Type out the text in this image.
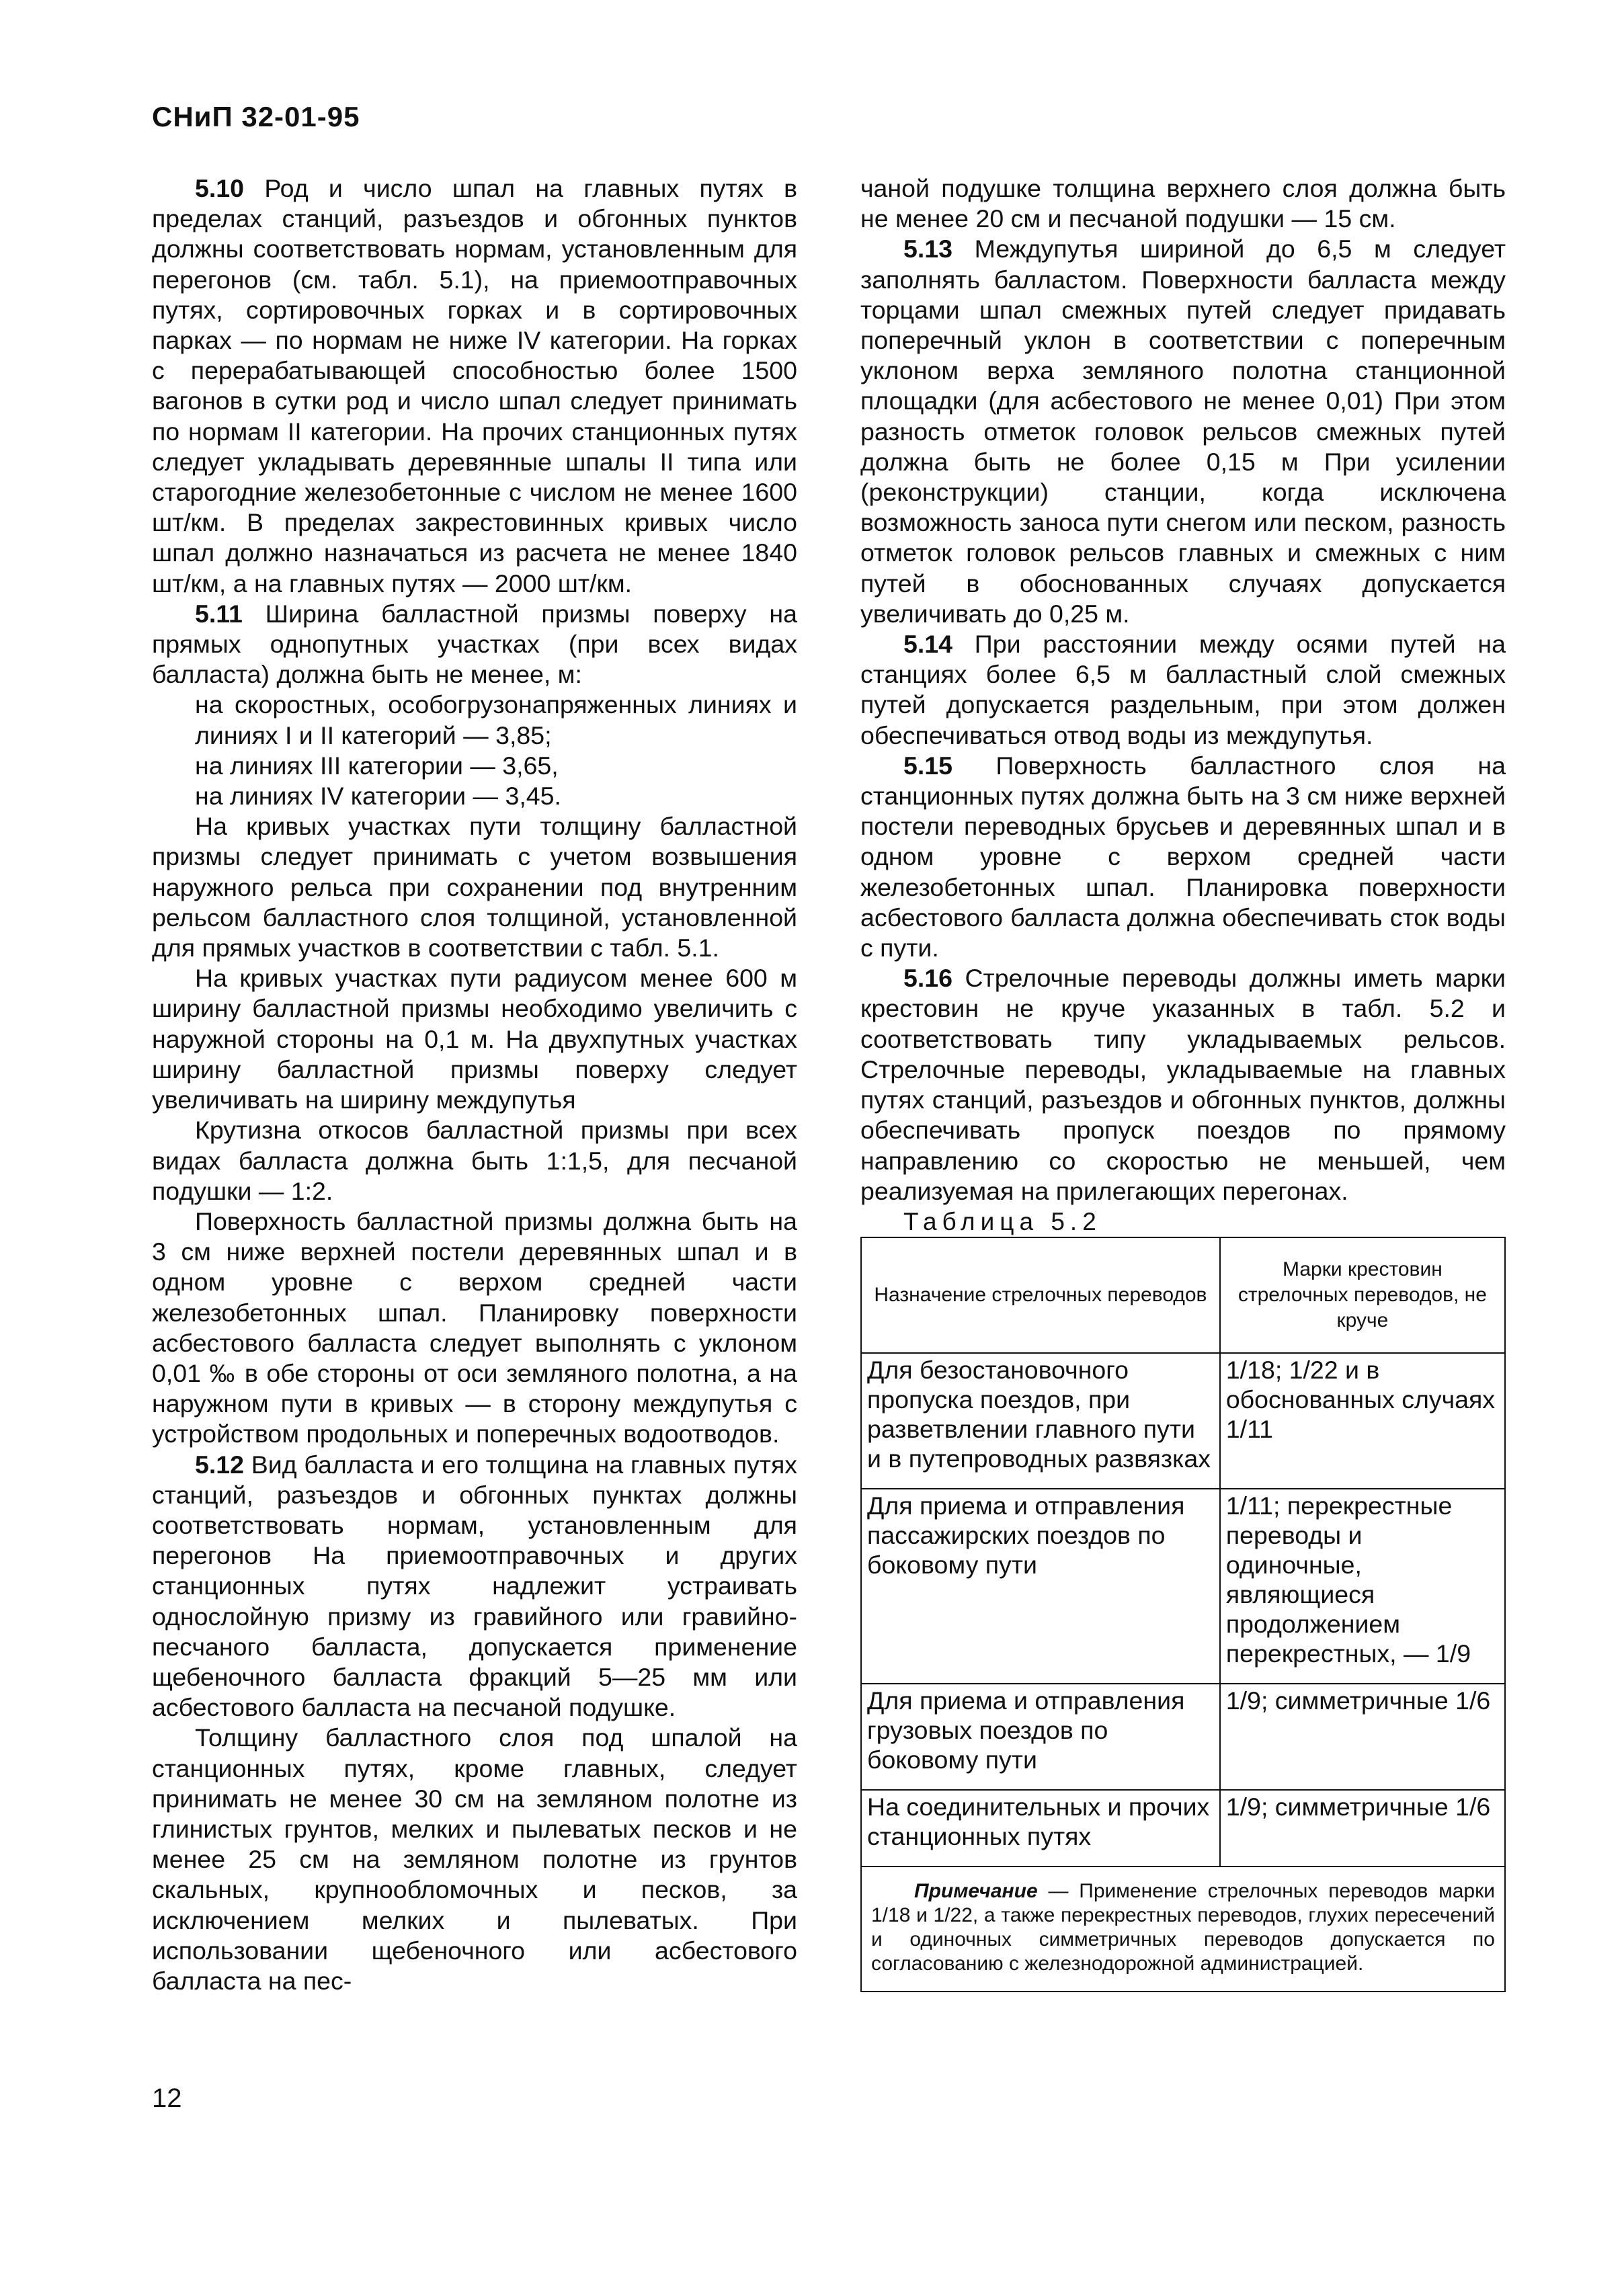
СНиП 32-01-95

5.10 Род и число шпал на главных путях в пределах станций, разъездов и обгонных пунктов должны соответствовать нормам, установленным для перегонов (см. табл. 5.1), на приемоотправочных путях, сортировочных горках и в сортировочных парках — по нормам не ниже IV категории. На горках с перерабатывающей способностью более 1500 вагонов в сутки род и число шпал следует принимать по нормам II категории. На прочих станционных путях следует укладывать деревянные шпалы II типа или старогодние железобетонные с числом не менее 1600 шт/км. В пределах закрестовинных кривых число шпал должно назначаться из расчета не менее 1840 шт/км, а на главных путях — 2000 шт/км.

5.11 Ширина балластной призмы поверху на прямых однопутных участках (при всех видах балласта) должна быть не менее, м:

на скоростных, особогрузонапряженных линиях и линиях I и II категорий — 3,85;

на линиях III категории — 3,65,

на линиях IV категории — 3,45.

На кривых участках пути толщину балластной призмы следует принимать с учетом возвышения наружного рельса при сохранении под внутренним рельсом балластного слоя толщиной, установленной для прямых участков в соответствии с табл. 5.1.

На кривых участках пути радиусом менее 600 м ширину балластной призмы необходимо увеличить с наружной стороны на 0,1 м. На двухпутных участках ширину балластной призмы поверху следует увеличивать на ширину междупутья

Крутизна откосов балластной призмы при всех видах балласта должна быть 1:1,5, для песчаной подушки — 1:2.

Поверхность балластной призмы должна быть на 3 см ниже верхней постели деревянных шпал и в одном уровне с верхом средней части железобетонных шпал. Планировку поверхности асбестового балласта следует выполнять с уклоном 0,01 ‰ в обе стороны от оси земляного полотна, а на наружном пути в кривых — в сторону междупутья с устройством продольных и поперечных водоотводов.

5.12 Вид балласта и его толщина на главных путях станций, разъездов и обгонных пунктах должны соответствовать нормам, установленным для перегонов На приемоотправочных и других станционных путях надлежит устраивать однослойную призму из гравийного или гравийно-песчаного балласта, допускается применение щебеночного балласта фракций 5—25 мм или асбестового балласта на песчаной подушке.

Толщину балластного слоя под шпалой на станционных путях, кроме главных, следует принимать не менее 30 см на земляном полотне из глинистых грунтов, мелких и пылеватых песков и не менее 25 см на земляном полотне из грунтов скальных, крупнообломочных и песков, за исключением мелких и пылеватых. При использовании щебеночного или асбестового балласта на пес-

чаной подушке толщина верхнего слоя должна быть не менее 20 см и песчаной подушки — 15 см.

5.13 Междупутья шириной до 6,5 м следует заполнять балластом. Поверхности балласта между торцами шпал смежных путей следует придавать поперечный уклон в соответствии с поперечным уклоном верха земляного полотна станционной площадки (для асбестового не менее 0,01) При этом разность отметок головок рельсов смежных путей должна быть не более 0,15 м При усилении (реконструкции) станции, когда исключена возможность заноса пути снегом или песком, разность отметок головок рельсов главных и смежных с ним путей в обоснованных случаях допускается увеличивать до 0,25 м.

5.14 При расстоянии между осями путей на станциях более 6,5 м балластный слой смежных путей допускается раздельным, при этом должен обеспечиваться отвод воды из междупутья.

5.15 Поверхность балластного слоя на станционных путях должна быть на 3 см ниже верхней постели переводных брусьев и деревянных шпал и в одном уровне с верхом средней части железобетонных шпал. Планировка поверхности асбестового балласта должна обеспечивать сток воды с пути.

5.16 Стрелочные переводы должны иметь марки крестовин не круче указанных в табл. 5.2 и соответствовать типу укладываемых рельсов. Стрелочные переводы, укладываемые на главных путях станций, разъездов и обгонных пунктов, должны обеспечивать пропуск поездов по прямому направлению со скоростью не меньшей, чем реализуемая на прилегающих перегонах.

Таблица 5.2

Назначение стрелочных переводов	Марки крестовин стрелочных переводов, не круче
Для безостановочного пропуска поездов, при разветвлении главного пути и в путепроводных развязках	1/18; 1/22 и в обоснованных случаях 1/11
Для приема и отправления пассажирских поездов по боковому пути	1/11; перекрестные переводы и одиночные, являющиеся продолжением перекрестных, — 1/9
Для приема и отправления грузовых поездов по боковому пути	1/9; симметричные 1/6
На соединительных и прочих станционных путях	1/9; симметричные 1/6
Примечание — Применение стрелочных переводов марки 1/18 и 1/22, а также перекрестных переводов, глухих пересечений и одиночных симметричных переводов допускается по согласованию с железнодорожной администрацией.	
12
